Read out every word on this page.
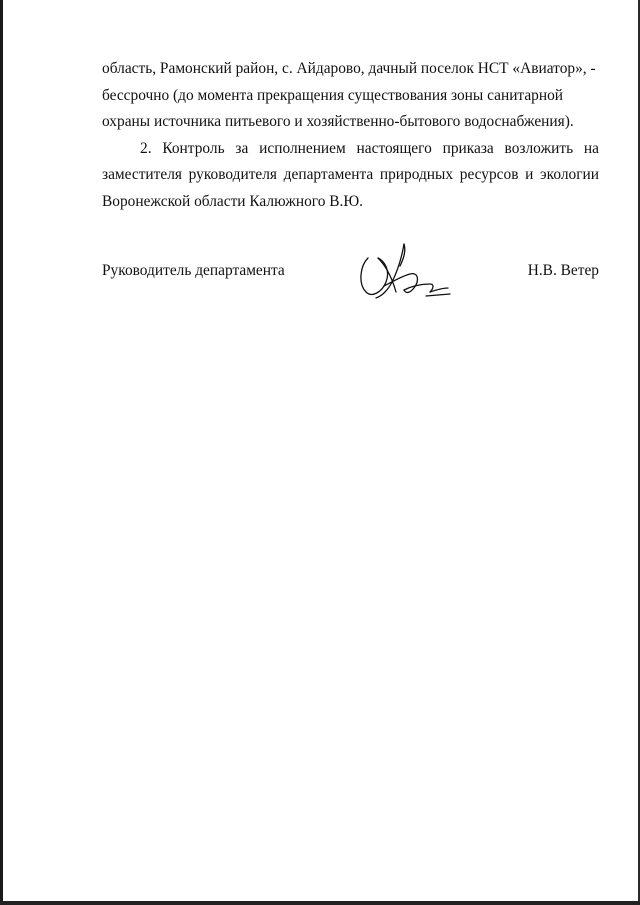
область, Рамонский район, с. Айдарово, дачный поселок НСТ «Авиатор», - бессрочно (до момента прекращения существования зоны санитарной охраны источника питьевого и хозяйственно-бытового водоснабжения).

2. Контроль за исполнением настоящего приказа возложить на заместителя руководителя департамента природных ресурсов и экологии Воронежской области Калюжного В.Ю.

Руководитель департамента	Н.В. Ветер
